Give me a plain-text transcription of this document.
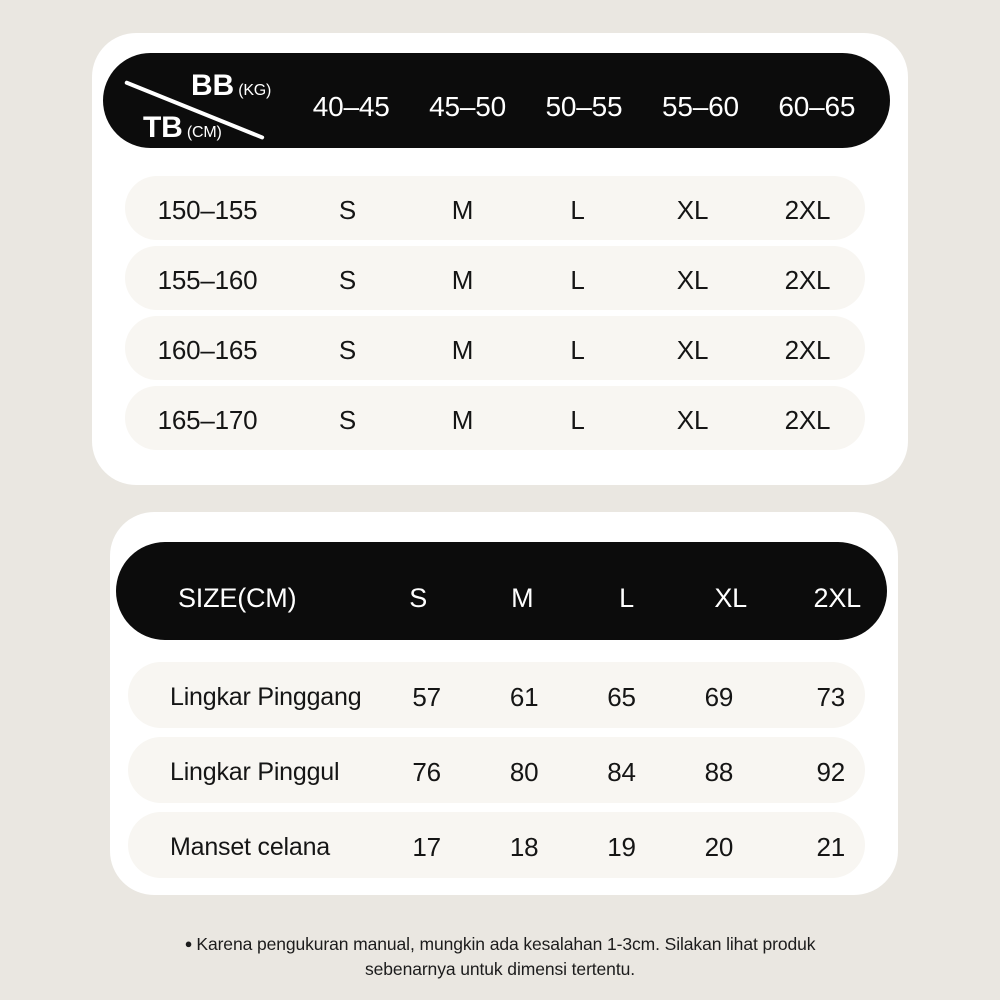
BB (KG)
TB (CM)
40–45	45–50	50–55	55–60	60–65
150–155	S	M	L	XL	2XL
155–160	S	M	L	XL	2XL
160–165	S	M	L	XL	2XL
165–170	S	M	L	XL	2XL
SIZE(CM)	S	M	L	XL	2XL
Lingkar Pinggang	57	61	65	69	73
Lingkar Pinggul	76	80	84	88	92
Manset celana	17	18	19	20	21
● Karena pengukuran manual, mungkin ada kesalahan 1-3cm. Silakan lihat produk
sebenarnya untuk dimensi tertentu.
